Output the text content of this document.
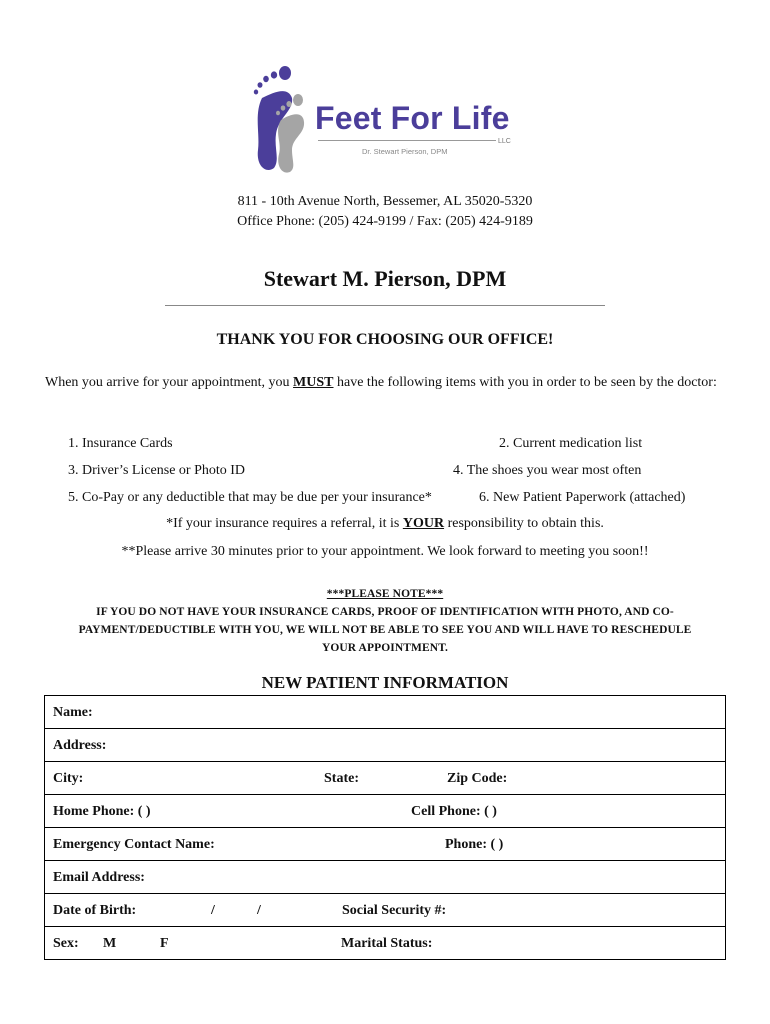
Feet For Life
LLC
Dr. Stewart Pierson, DPM
811 - 10th Avenue North, Bessemer, AL 35020-5320
Office Phone: (205) 424-9199 / Fax: (205) 424-9189
Stewart M. Pierson, DPM
THANK YOU FOR CHOOSING OUR OFFICE!
When you arrive for your appointment, you MUST have the following items with you in order to be seen by the doctor:
1. Insurance Cards	2. Current medication list
3. Driver’s License or Photo ID	4. The shoes you wear most often
5. Co-Pay or any deductible that may be due per your insurance*	6. New Patient Paperwork (attached)
*If your insurance requires a referral, it is YOUR responsibility to obtain this.
**Please arrive 30 minutes prior to your appointment. We look forward to meeting you soon!!
***PLEASE NOTE***
IF YOU DO NOT HAVE YOUR INSURANCE CARDS, PROOF OF IDENTIFICATION WITH PHOTO, AND CO-
PAYMENT/DEDUCTIBLE WITH YOU, WE WILL NOT BE ABLE TO SEE YOU AND WILL HAVE TO RESCHEDULE
YOUR APPOINTMENT.
NEW PATIENT INFORMATION
Name:

Address:

City:	State:	Zip Code:

Home Phone: ( )	Cell Phone: ( )

Emergency Contact Name:	Phone: ( )

Email Address:

Date of Birth:	/	/	Social Security #:

Sex: M	F	Marital Status:
